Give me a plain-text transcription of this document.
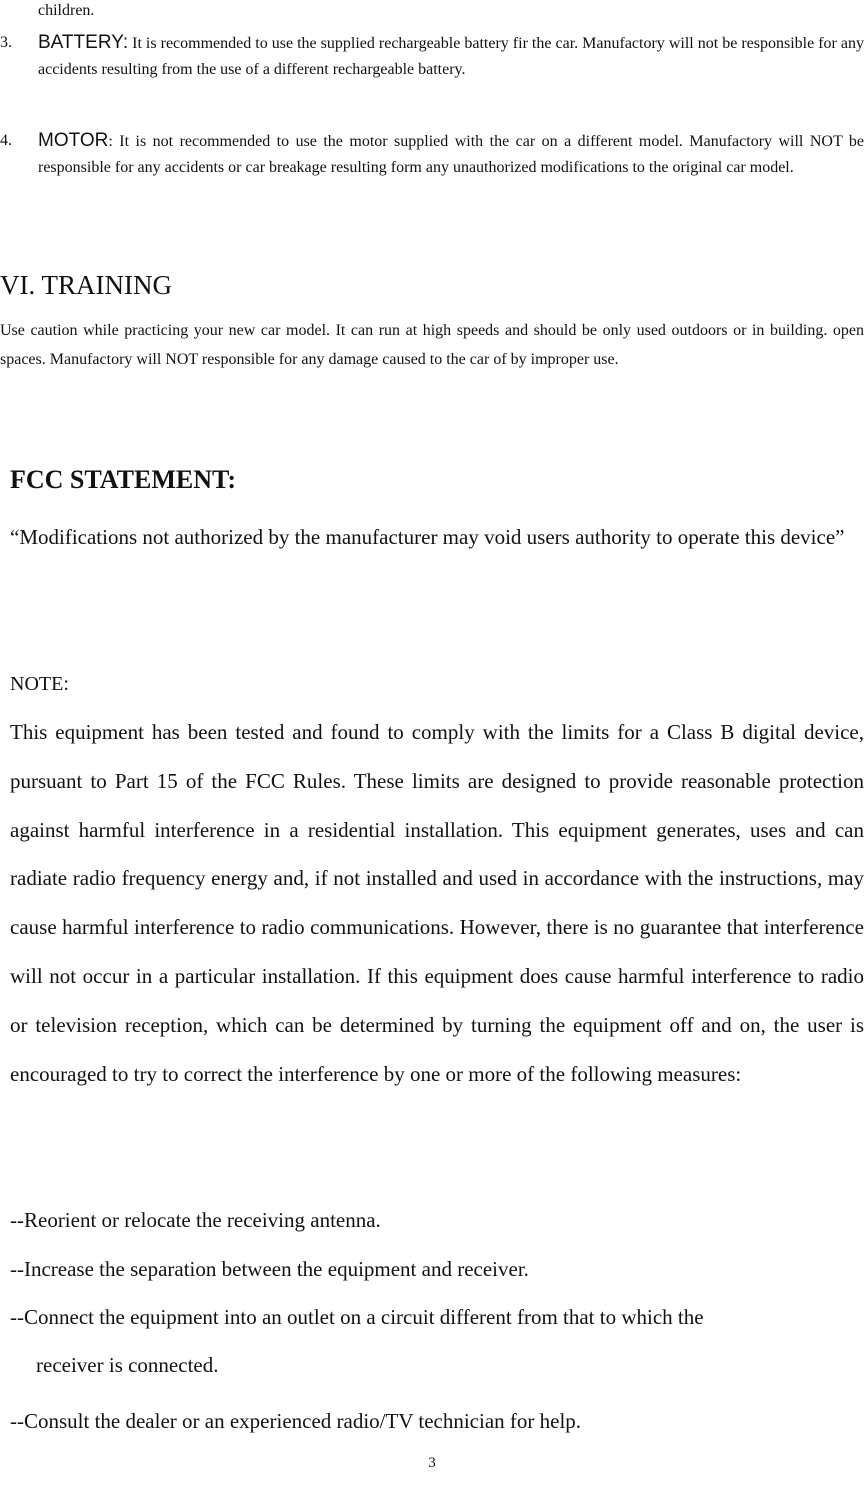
children.
3.	BATTERY: It is recommended to use the supplied rechargeable battery fir the car. Manufactory will not be responsible for any accidents resulting from the use of a different rechargeable battery.
4.	MOTOR: It is not recommended to use the motor supplied with the car on a different model. Manufactory will NOT be responsible for any accidents or car breakage resulting form any unauthorized modifications to the original car model.
VI. TRAINING
Use caution while practicing your new car model. It can run at high speeds and should be only used outdoors or in building. open spaces. Manufactory will NOT responsible for any damage caused to the car of by improper use.
FCC STATEMENT:
“Modifications not authorized by the manufacturer may void users authority to operate this device”
NOTE:
This equipment has been tested and found to comply with the limits for a Class B digital device, pursuant to Part 15 of the FCC Rules. These limits are designed to provide reasonable protection against harmful interference in a residential installation. This equipment generates, uses and can radiate radio frequency energy and, if not installed and used in accordance with the instructions, may cause harmful interference to radio communications. However, there is no guarantee that interference will not occur in a particular installation. If this equipment does cause harmful interference to radio or television reception, which can be determined by turning the equipment off and on, the user is encouraged to try to correct the interference by one or more of the following measures:
--Reorient or relocate the receiving antenna.
--Increase the separation between the equipment and receiver.
--Connect the equipment into an outlet on a circuit different from that to which the
receiver is connected.
--Consult the dealer or an experienced radio/TV technician for help.
3
